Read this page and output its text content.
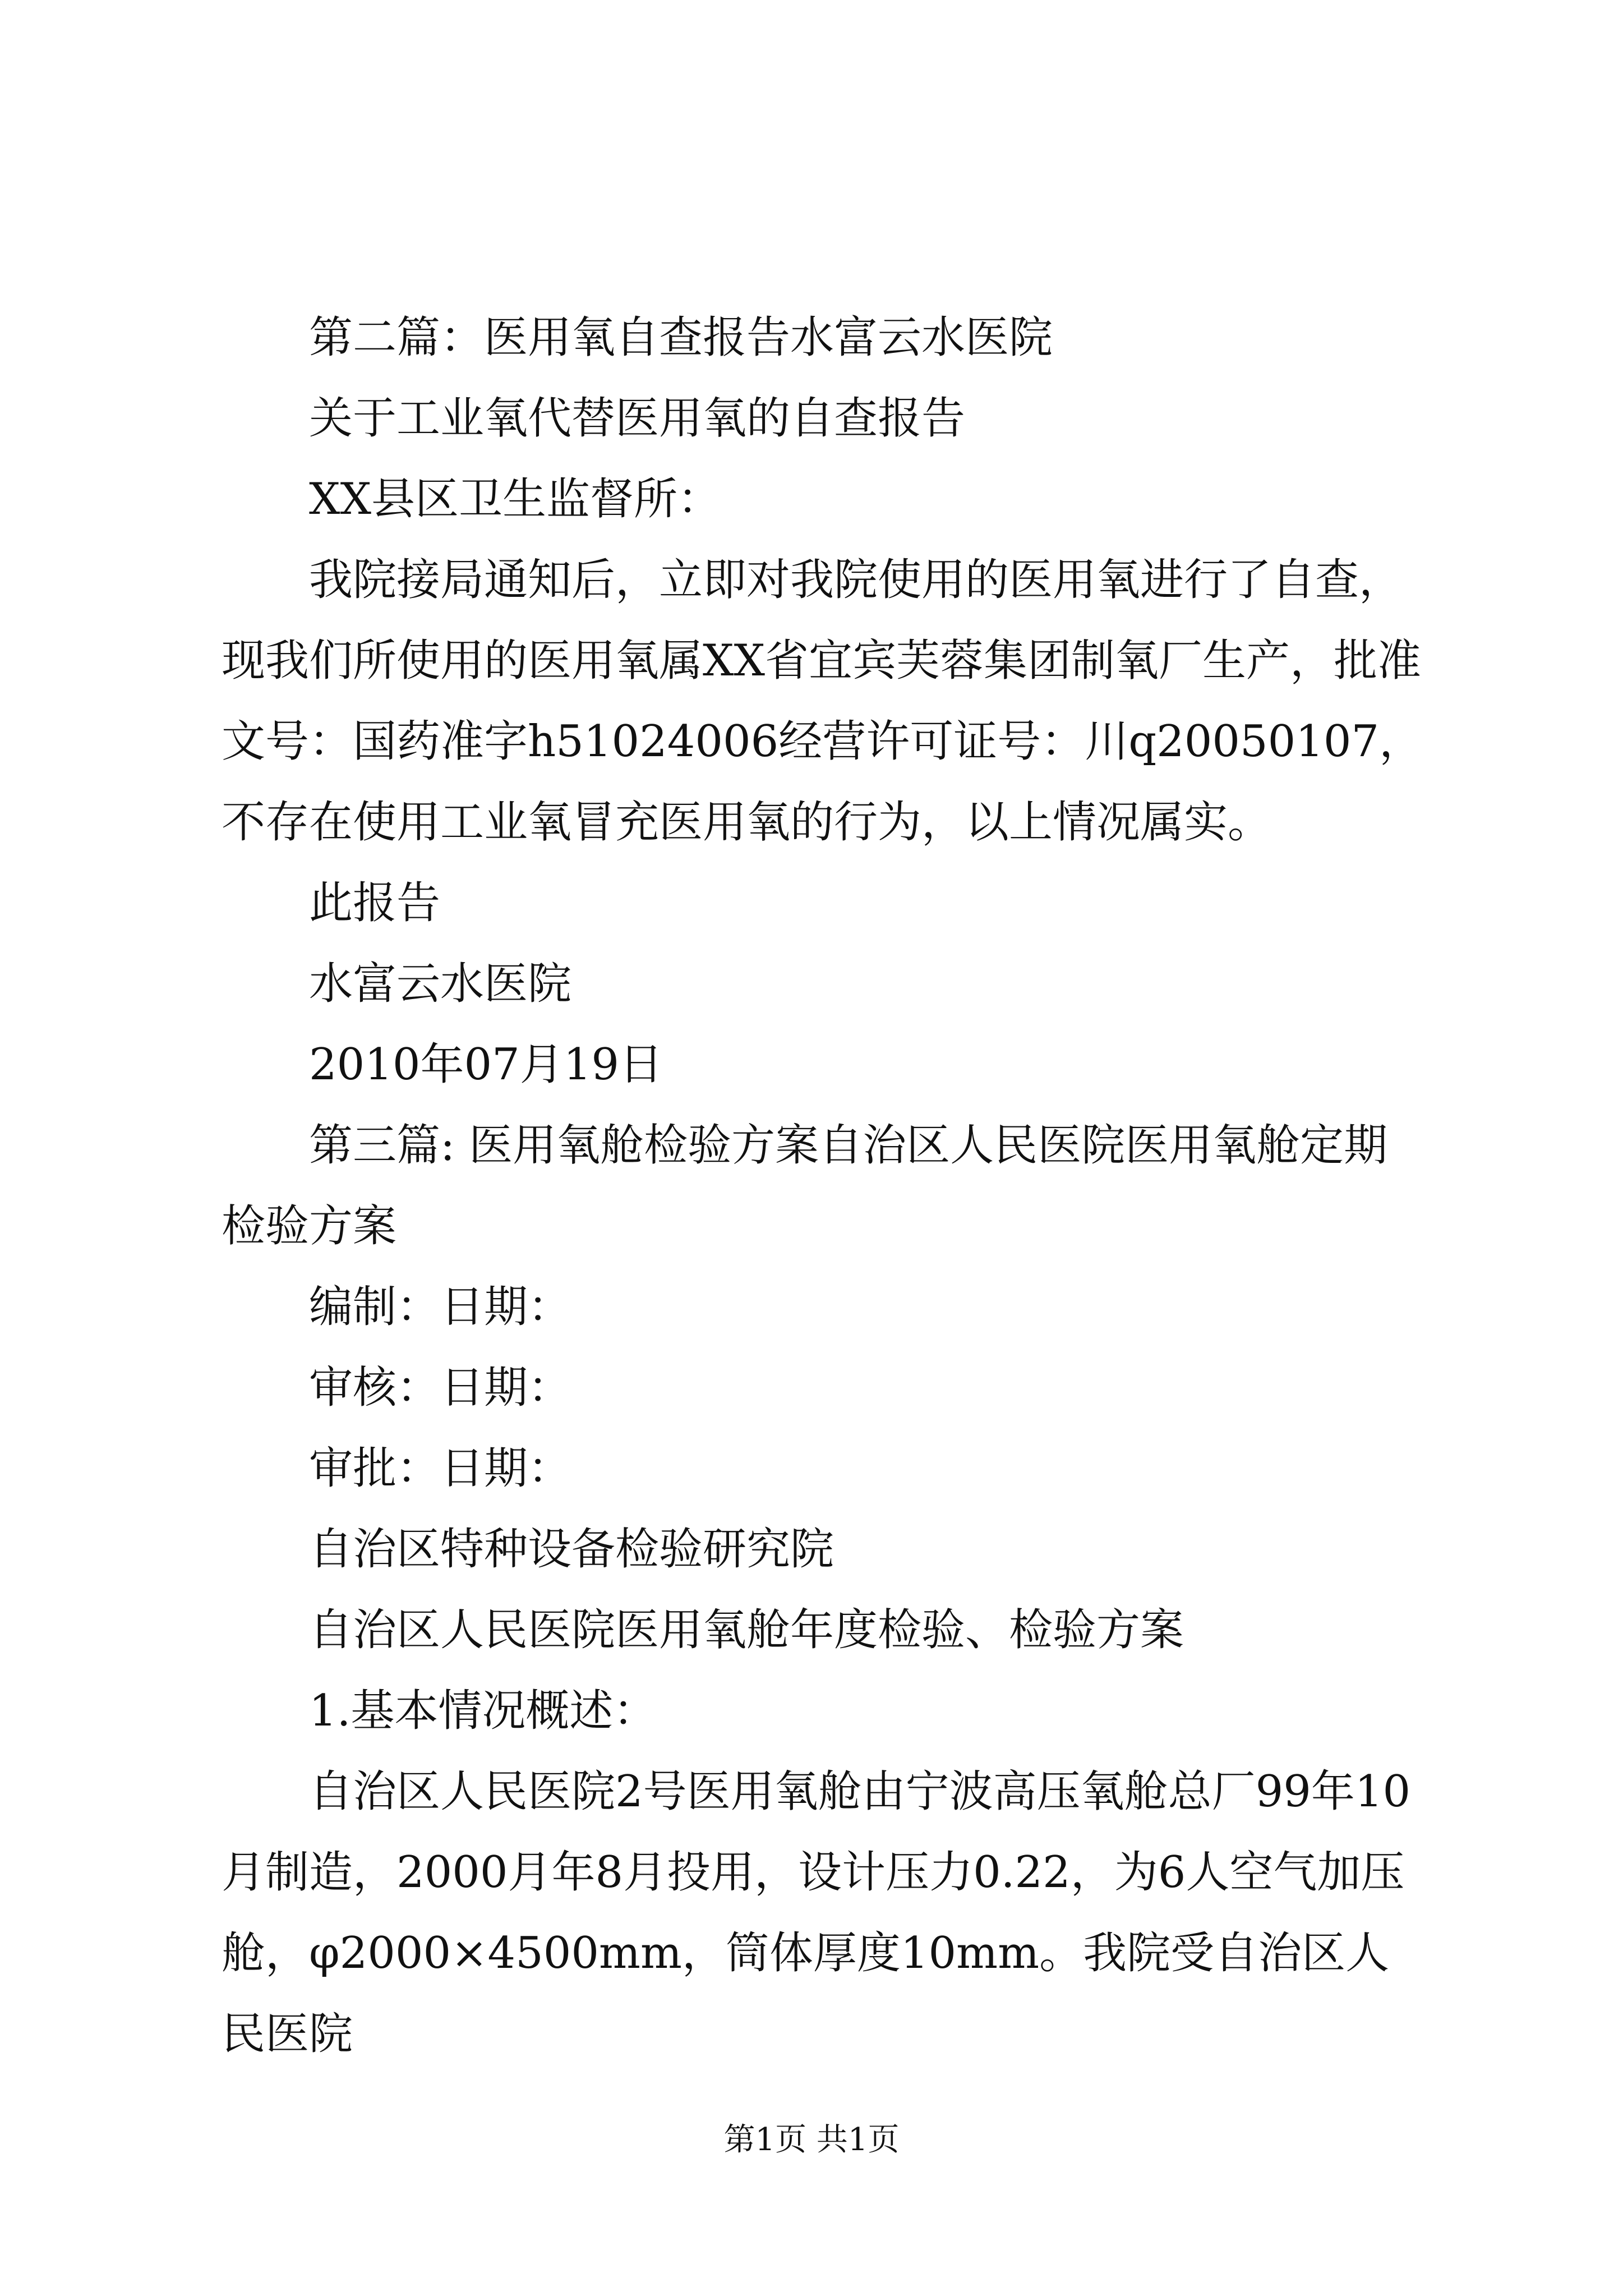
第二篇：医用氧自查报告水富云水医院

关于工业氧代替医用氧的自查报告

XX县区卫生监督所：

我院接局通知后，立即对我院使用的医用氧进行了自查，现我们所使用的医用氧属XX省宜宾芙蓉集团制氧厂生产，批准文号：国药准字h51024006经营许可证号：川q20050107，不存在使用工业氧冒充医用氧的行为，以上情况属实。

此报告

水富云水医院

2010年07月19日

第三篇: 医用氧舱检验方案自治区人民医院医用氧舱定期检验方案

编制：日期：

审核：日期：

审批：日期：

自治区特种设备检验研究院

自治区人民医院医用氧舱年度检验、检验方案

1.基本情况概述：

自治区人民医院2号医用氧舱由宁波高压氧舱总厂99年10月制造，2000月年8月投用，设计压力0.22，为6人空气加压舱，φ2000×4500mm，筒体厚度10mm。我院受自治区人民医院

第1页 共1页
